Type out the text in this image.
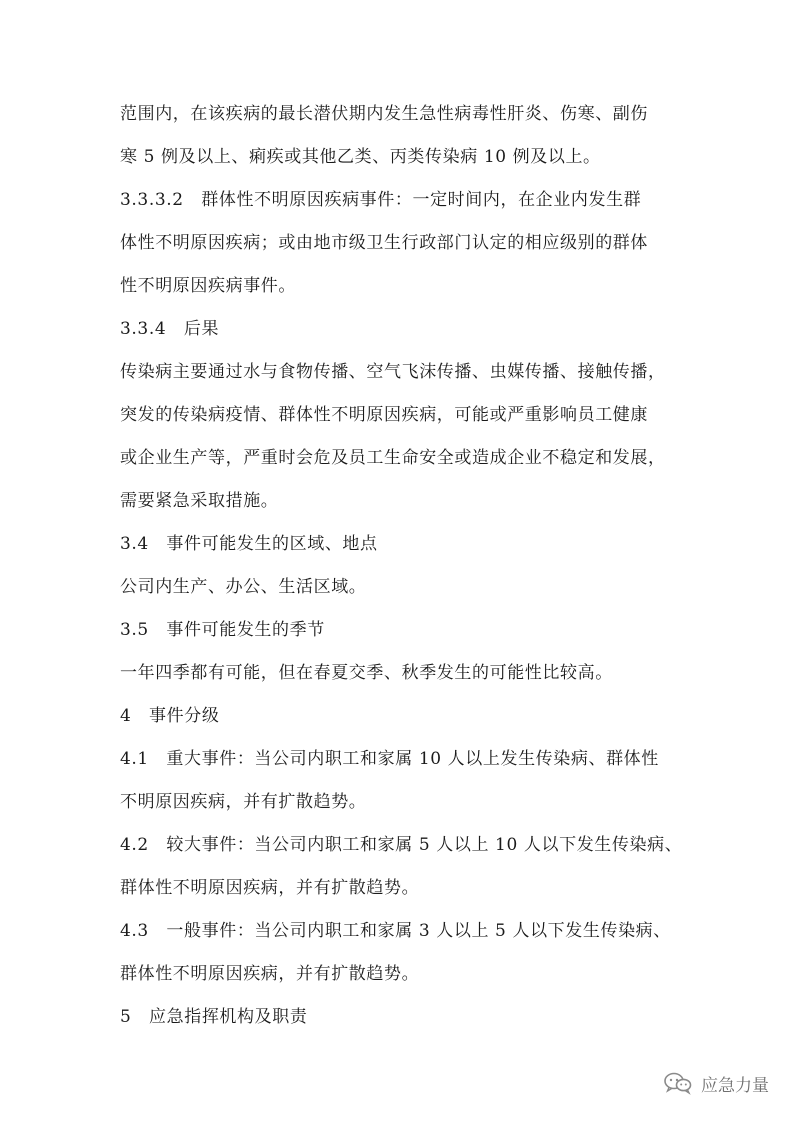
范围内，在该疾病的最长潜伏期内发生急性病毒性肝炎、伤寒、副伤
寒 5 例及以上、痢疾或其他乙类、丙类传染病 10 例及以上。
3.3.3.2　群体性不明原因疾病事件：一定时间内，在企业内发生群
体性不明原因疾病；或由地市级卫生行政部门认定的相应级别的群体
性不明原因疾病事件。
3.3.4　后果
传染病主要通过水与食物传播、空气飞沫传播、虫媒传播、接触传播，
突发的传染病疫情、群体性不明原因疾病，可能或严重影响员工健康
或企业生产等，严重时会危及员工生命安全或造成企业不稳定和发展，
需要紧急采取措施。
3.4　事件可能发生的区域、地点
公司内生产、办公、生活区域。
3.5　事件可能发生的季节
一年四季都有可能，但在春夏交季、秋季发生的可能性比较高。
4　事件分级
4.1　重大事件：当公司内职工和家属 10 人以上发生传染病、群体性
不明原因疾病，并有扩散趋势。
4.2　较大事件：当公司内职工和家属 5 人以上 10 人以下发生传染病、
群体性不明原因疾病，并有扩散趋势。
4.3　一般事件：当公司内职工和家属 3 人以上 5 人以下发生传染病、
群体性不明原因疾病，并有扩散趋势。
5　应急指挥机构及职责
应急力量
